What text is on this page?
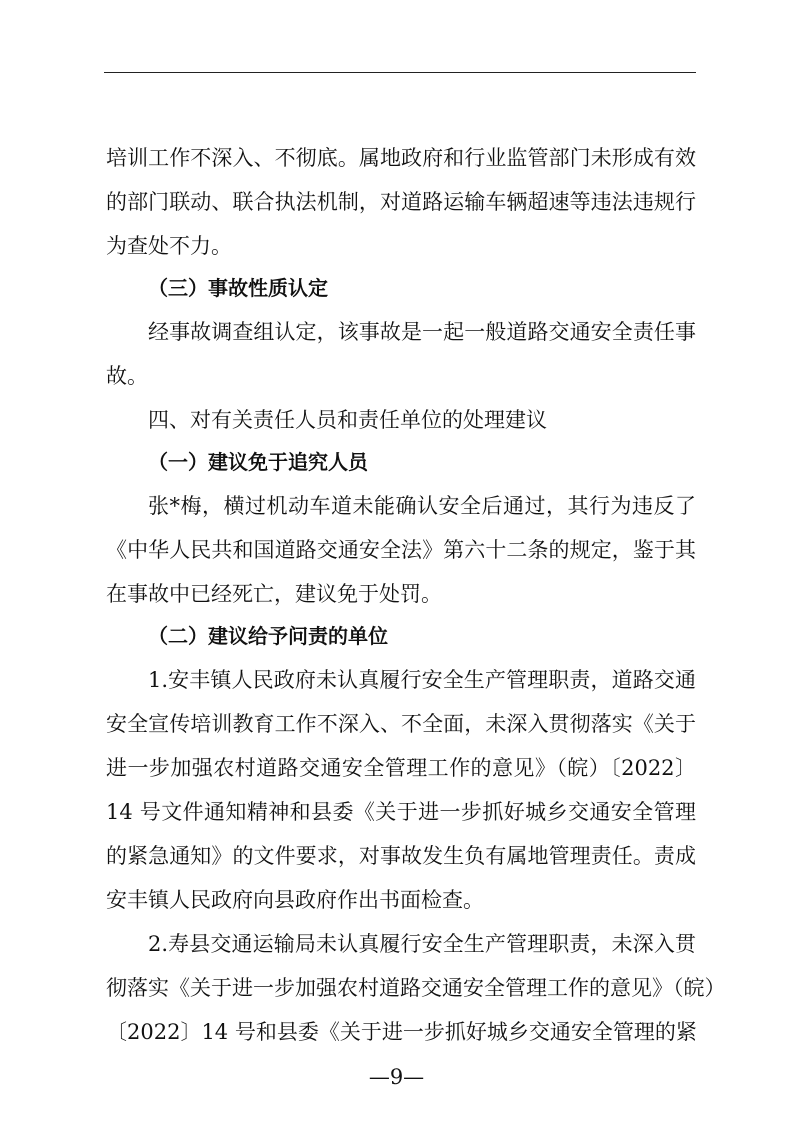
培训工作不深入、不彻底。属地政府和行业监管部门未形成有效
的部门联动、联合执法机制，对道路运输车辆超速等违法违规行
为查处不力。
（三）事故性质认定
经事故调查组认定，该事故是一起一般道路交通安全责任事
故。
四、对有关责任人员和责任单位的处理建议
（一）建议免于追究人员
张*梅，横过机动车道未能确认安全后通过，其行为违反了
《中华人民共和国道路交通安全法》第六十二条的规定，鉴于其
在事故中已经死亡，建议免于处罚。
（二）建议给予问责的单位
1.安丰镇人民政府未认真履行安全生产管理职责，道路交通
安全宣传培训教育工作不深入、不全面，未深入贯彻落实《关于
进一步加强农村道路交通安全管理工作的意见》（皖）〔2022〕
14 号文件通知精神和县委《关于进一步抓好城乡交通安全管理
的紧急通知》的文件要求，对事故发生负有属地管理责任。责成
安丰镇人民政府向县政府作出书面检查。
2.寿县交通运输局未认真履行安全生产管理职责，未深入贯
彻落实《关于进一步加强农村道路交通安全管理工作的意见》（皖）
〔2022〕14 号和县委《关于进一步抓好城乡交通安全管理的紧
—9—
